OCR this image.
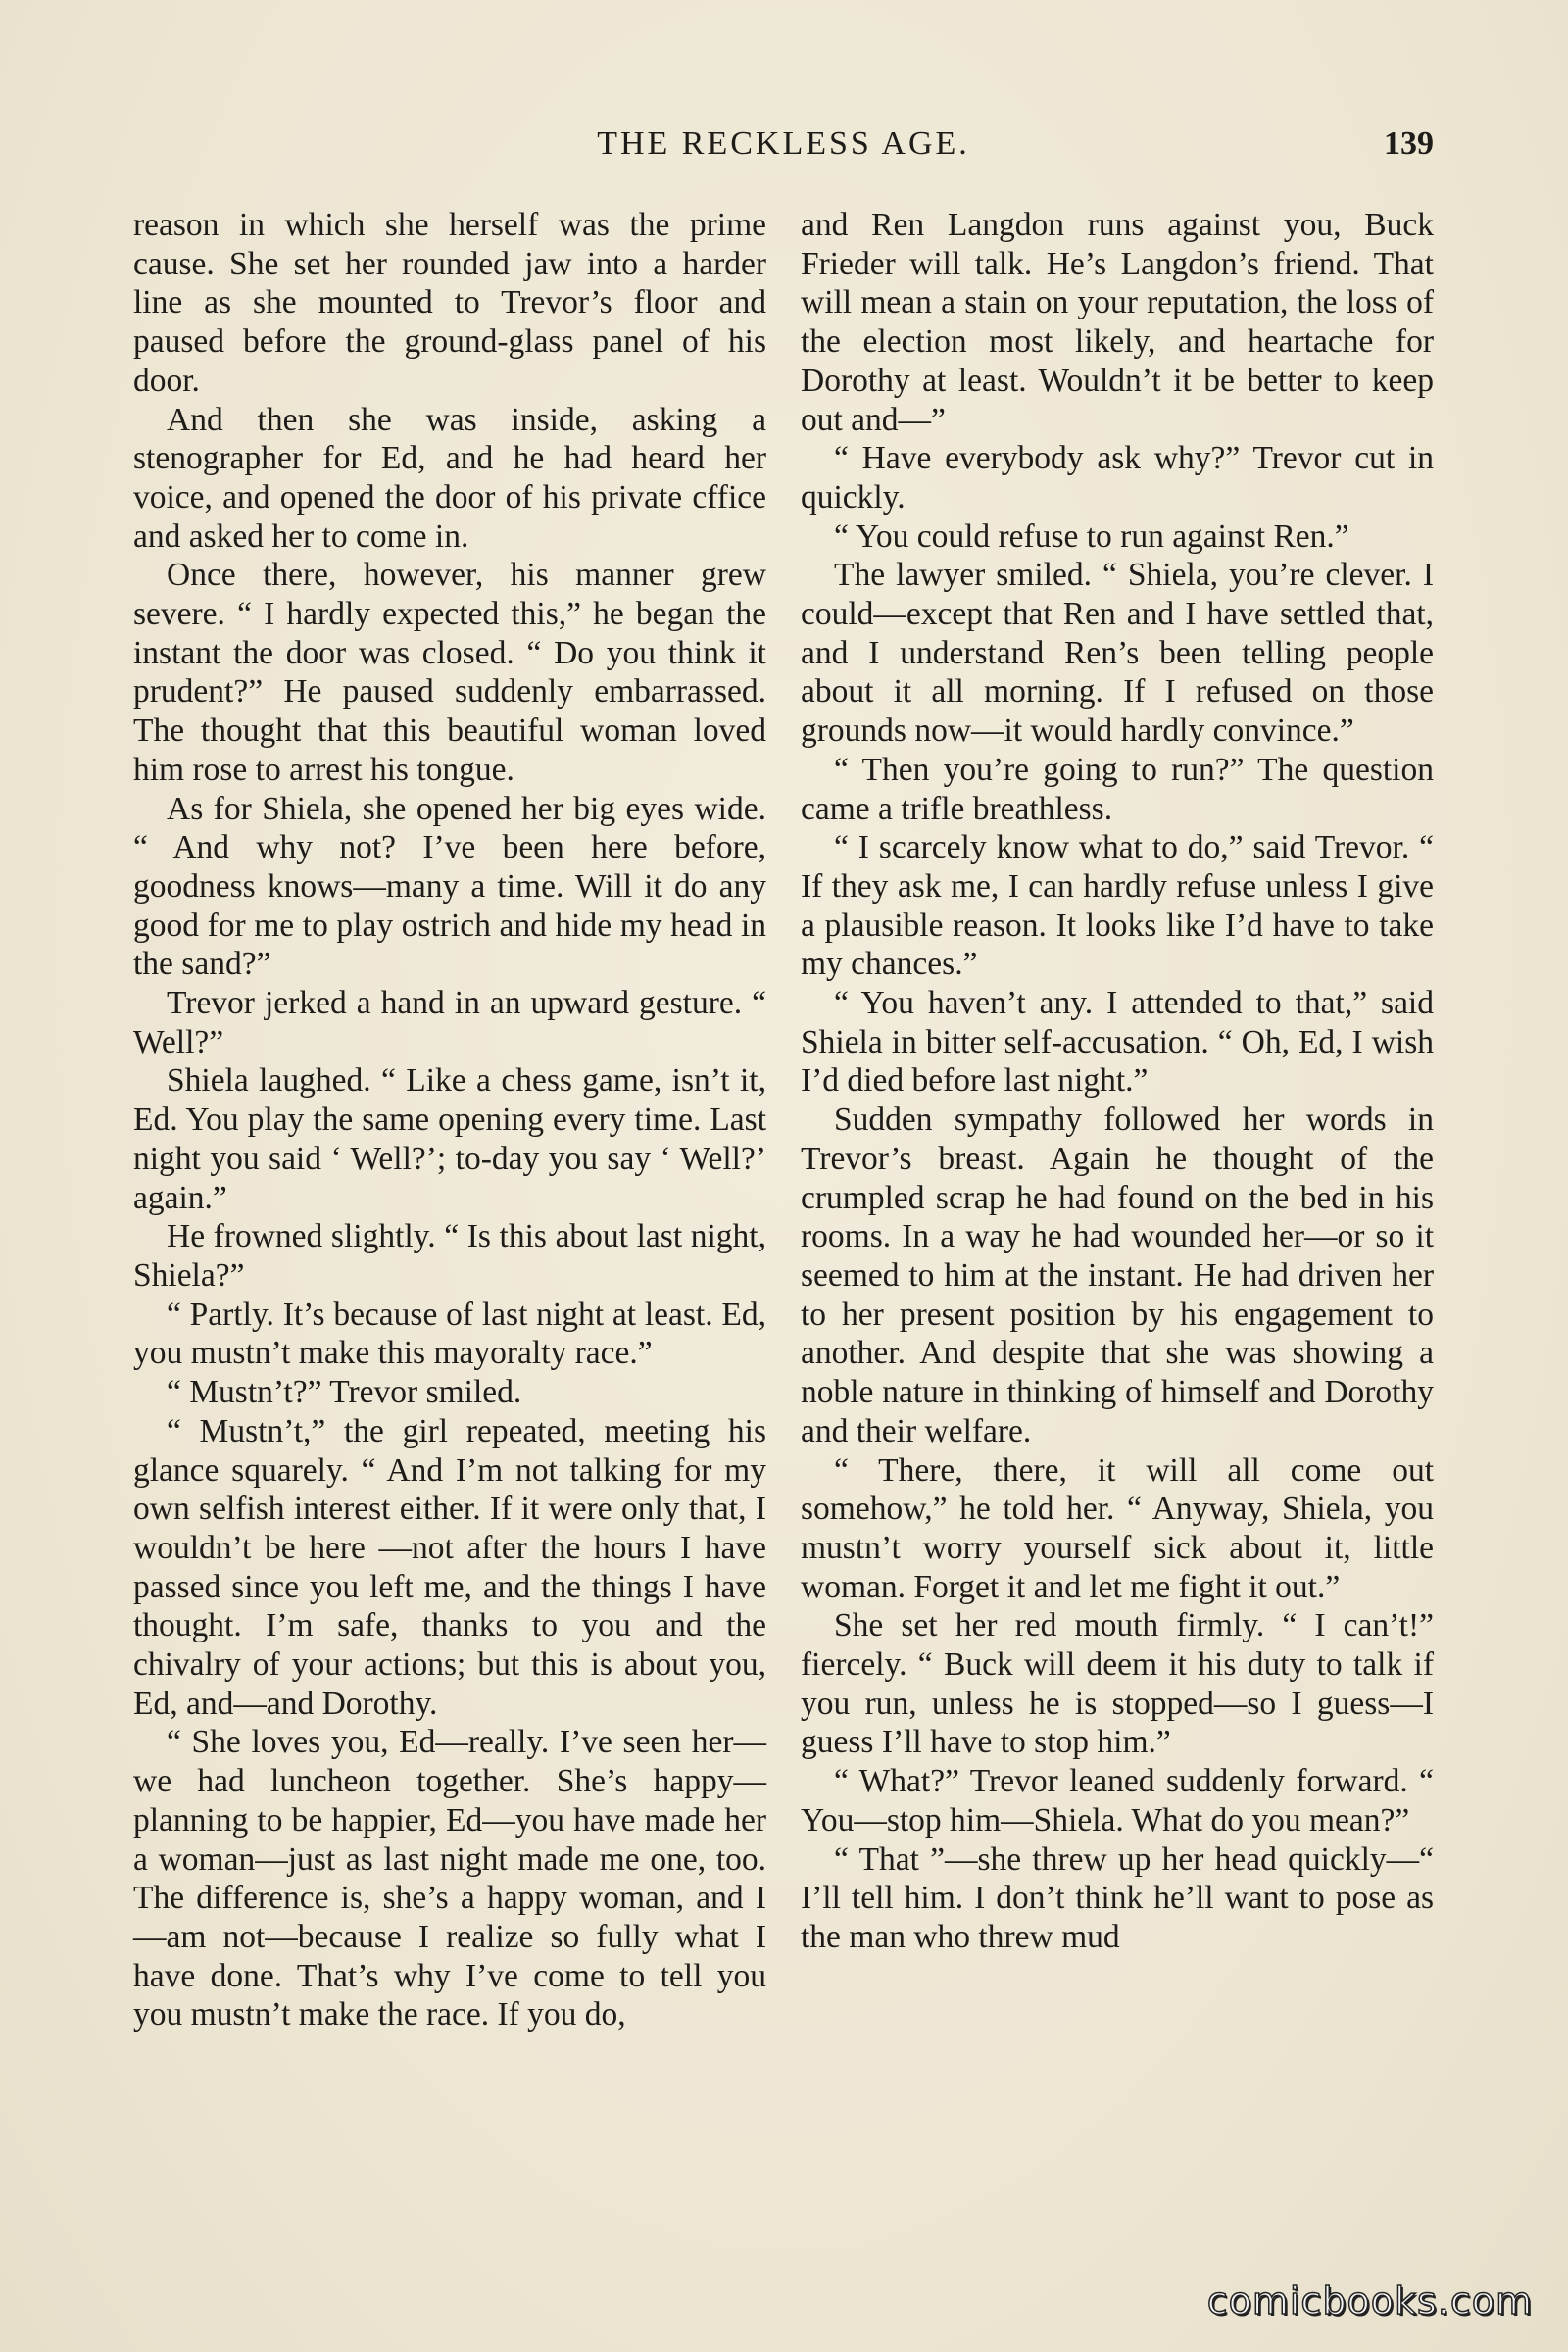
THE RECKLESS AGE.	139

reason in which she herself was the prime cause. She set her rounded jaw into a harder line as she mounted to Trevor’s floor and paused before the ground-glass panel of his door.

And then she was inside, asking a stenographer for Ed, and he had heard her voice, and opened the door of his private cffice and asked her to come in.

Once there, however, his manner grew severe. “ I hardly expected this,” he began the instant the door was closed. “ Do you think it prudent?” He paused suddenly embarrassed. The thought that this beautiful woman loved him rose to arrest his tongue.

As for Shiela, she opened her big eyes wide. “ And why not? I’ve been here before, goodness knows—many a time. Will it do any good for me to play ostrich and hide my head in the sand?”

Trevor jerked a hand in an upward gesture. “ Well?”

Shiela laughed. “ Like a chess game, isn’t it, Ed. You play the same opening every time. Last night you said ‘ Well?’; to-day you say ‘ Well?’ again.”

He frowned slightly. “ Is this about last night, Shiela?”

“ Partly. It’s because of last night at least. Ed, you mustn’t make this mayoralty race.”

“ Mustn’t?” Trevor smiled.

“ Mustn’t,” the girl repeated, meeting his glance squarely. “ And I’m not talking for my own selfish interest either. If it were only that, I wouldn’t be here —not after the hours I have passed since you left me, and the things I have thought. I’m safe, thanks to you and the chivalry of your actions; but this is about you, Ed, and—and Dorothy.

“ She loves you, Ed—really. I’ve seen her—we had luncheon together. She’s happy—planning to be happier, Ed—you have made her a woman—just as last night made me one, too. The difference is, she’s a happy woman, and I—am not—because I realize so fully what I have done. That’s why I’ve come to tell you you mustn’t make the race. If you do,

and Ren Langdon runs against you, Buck Frieder will talk. He’s Langdon’s friend. That will mean a stain on your reputation, the loss of the election most likely, and heartache for Dorothy at least. Wouldn’t it be better to keep out and—”

“ Have everybody ask why?” Trevor cut in quickly.

“ You could refuse to run against Ren.”

The lawyer smiled. “ Shiela, you’re clever. I could—except that Ren and I have settled that, and I understand Ren’s been telling people about it all morning. If I refused on those grounds now—it would hardly convince.”

“ Then you’re going to run?” The question came a trifle breathless.

“ I scarcely know what to do,” said Trevor. “ If they ask me, I can hardly refuse unless I give a plausible reason. It looks like I’d have to take my chances.”

“ You haven’t any. I attended to that,” said Shiela in bitter self-accusation. “ Oh, Ed, I wish I’d died before last night.”

Sudden sympathy followed her words in Trevor’s breast. Again he thought of the crumpled scrap he had found on the bed in his rooms. In a way he had wounded her—or so it seemed to him at the instant. He had driven her to her present position by his engagement to another. And despite that she was showing a noble nature in thinking of himself and Dorothy and their welfare.

“ There, there, it will all come out somehow,” he told her. “ Anyway, Shiela, you mustn’t worry yourself sick about it, little woman. Forget it and let me fight it out.”

She set her red mouth firmly. “ I can’t!” fiercely. “ Buck will deem it his duty to talk if you run, unless he is stopped—so I guess—I guess I’ll have to stop him.”

“ What?” Trevor leaned suddenly forward. “ You—stop him—Shiela. What do you mean?”

“ That ”—she threw up her head quickly—“ I’ll tell him. I don’t think he’ll want to pose as the man who threw mud

comicbooks.com
